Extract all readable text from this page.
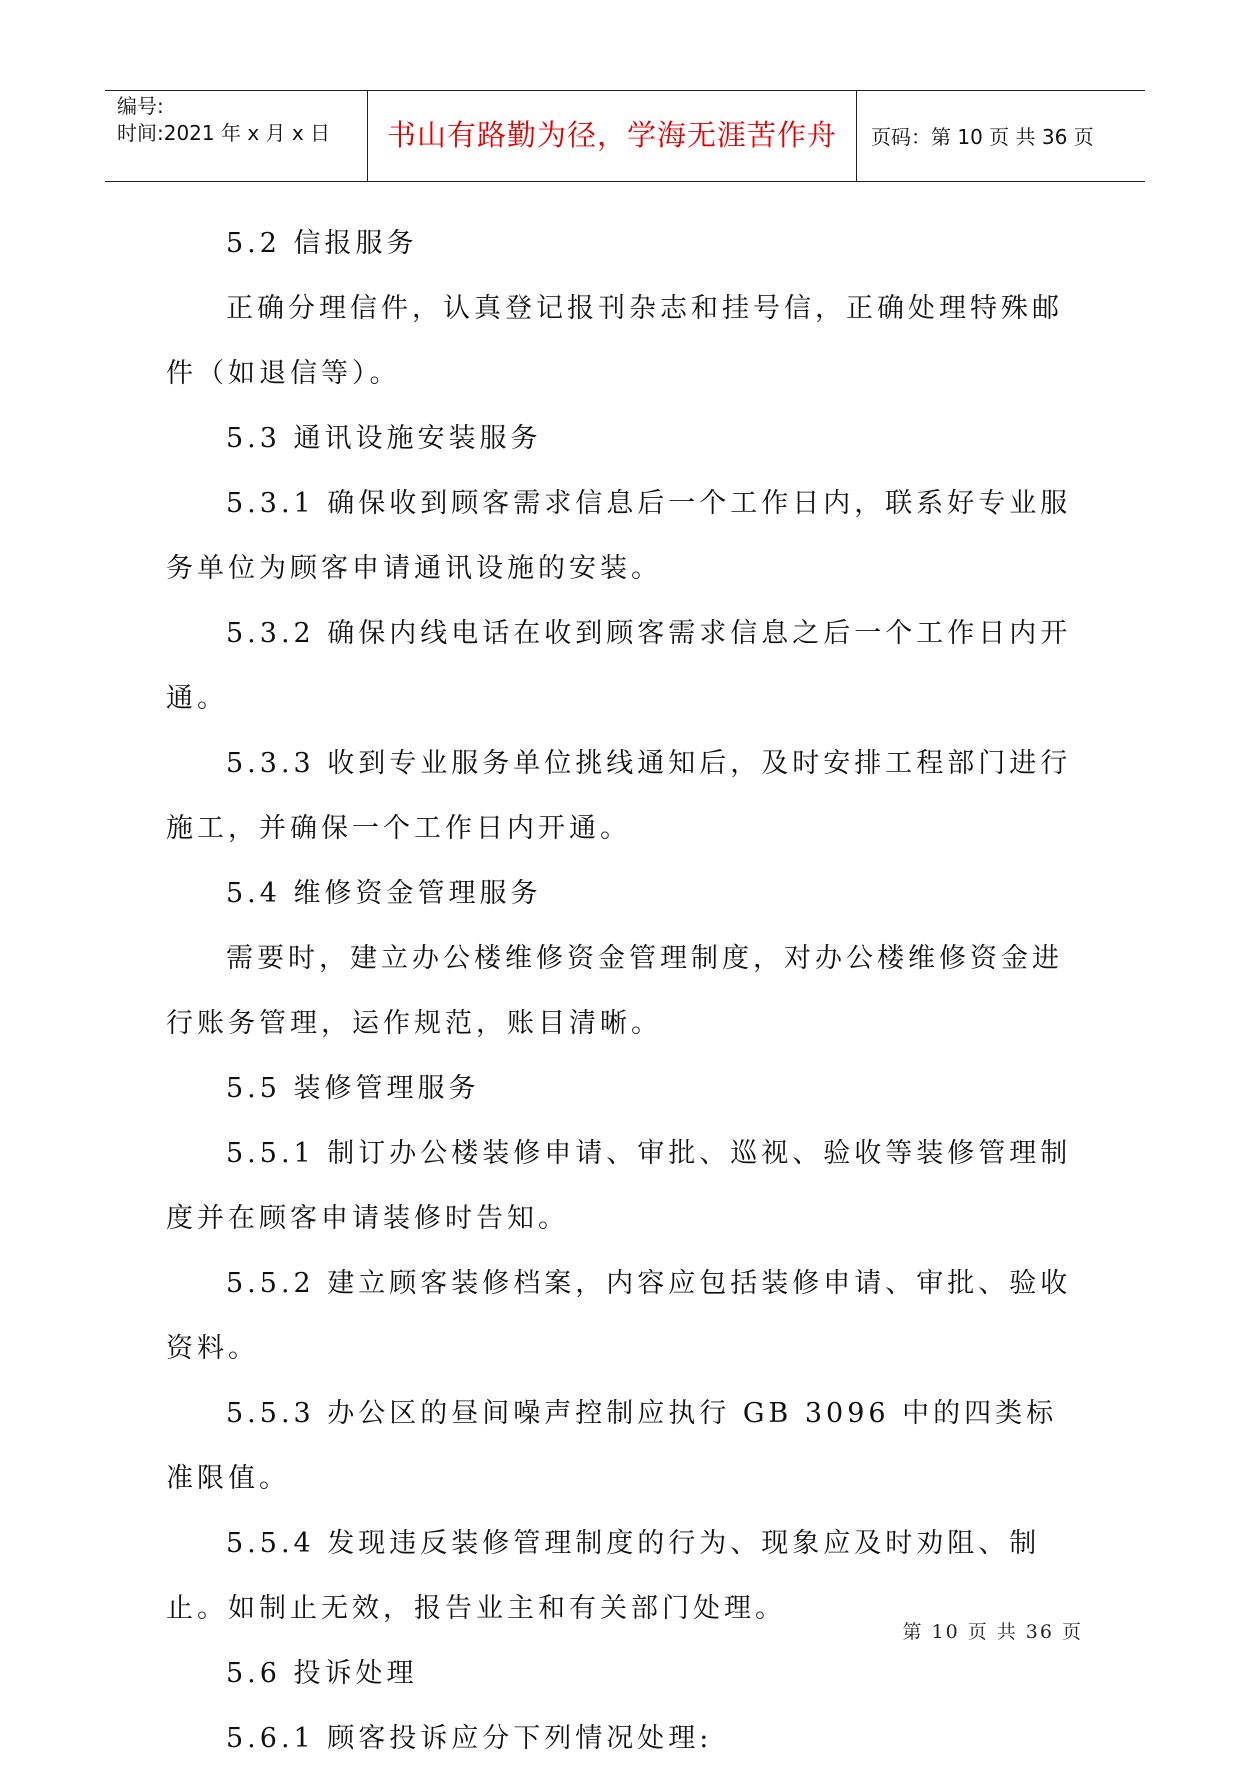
编号:
时间:2021 年 x 月 x 日	书山有路勤为径，学海无涯苦作舟	页码：第 10 页 共 36 页

5.2 信报服务

正确分理信件，认真登记报刊杂志和挂号信，正确处理特殊邮件（如退信等）。

5.3 通讯设施安装服务

5.3.1 确保收到顾客需求信息后一个工作日内，联系好专业服务单位为顾客申请通讯设施的安装。

5.3.2 确保内线电话在收到顾客需求信息之后一个工作日内开通。

5.3.3 收到专业服务单位挑线通知后，及时安排工程部门进行施工，并确保一个工作日内开通。

5.4 维修资金管理服务

需要时，建立办公楼维修资金管理制度，对办公楼维修资金进行账务管理，运作规范，账目清晰。

5.5 装修管理服务

5.5.1 制订办公楼装修申请、审批、巡视、验收等装修管理制度并在顾客申请装修时告知。

5.5.2 建立顾客装修档案，内容应包括装修申请、审批、验收资料。

5.5.3 办公区的昼间噪声控制应执行 GB 3096 中的四类标准限值。

5.5.4 发现违反装修管理制度的行为、现象应及时劝阻、制止。如制止无效，报告业主和有关部门处理。

5.6 投诉处理

5.6.1 顾客投诉应分下列情况处理:

第 10 页 共 36 页
